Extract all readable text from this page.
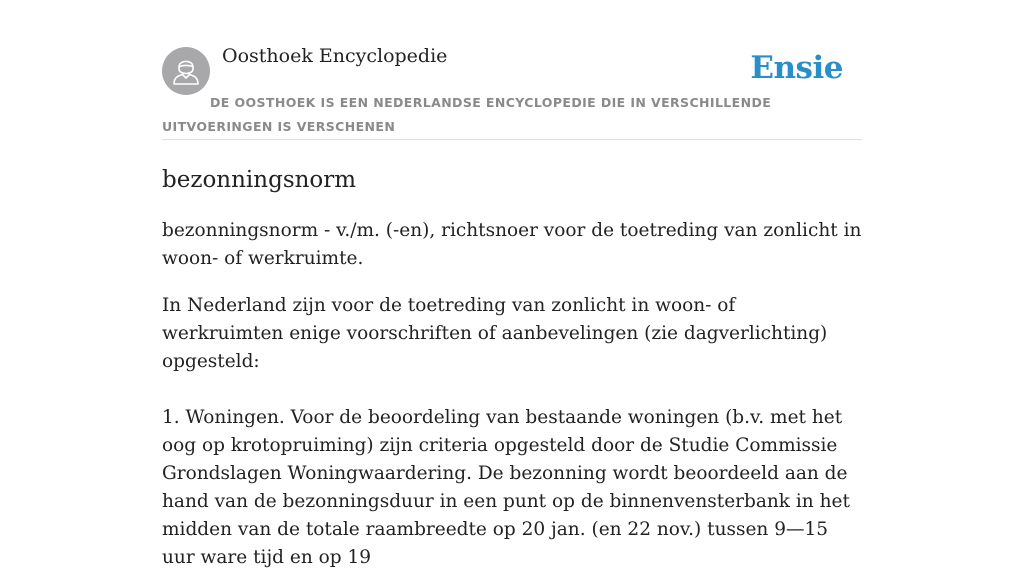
Oosthoek Encyclopedie	Ensie
DE OOSTHOEK IS EEN NEDERLANDSE ENCYCLOPEDIE DIE IN VERSCHILLENDE UITVOERINGEN IS VERSCHENEN
bezonningsnorm

bezonningsnorm - v./m. (-en), richtsnoer voor de toetreding van zonlicht in woon- of werkruimte.

In Nederland zijn voor de toetreding van zonlicht in woon- of werkruimten enige voorschriften of aanbevelingen (zie dagverlichting) opgesteld:

1. Woningen. Voor de beoordeling van bestaande woningen (b.v. met het oog op krotopruiming) zijn criteria opgesteld door de Studie Commissie Grondslagen Woningwaardering. De bezonning wordt beoordeeld aan de hand van de bezonningsduur in een punt op de binnenvensterbank in het midden van de totale raambreedte op 20 jan. (en 22 nov.) tussen 9—15 uur ware tijd en op 19
